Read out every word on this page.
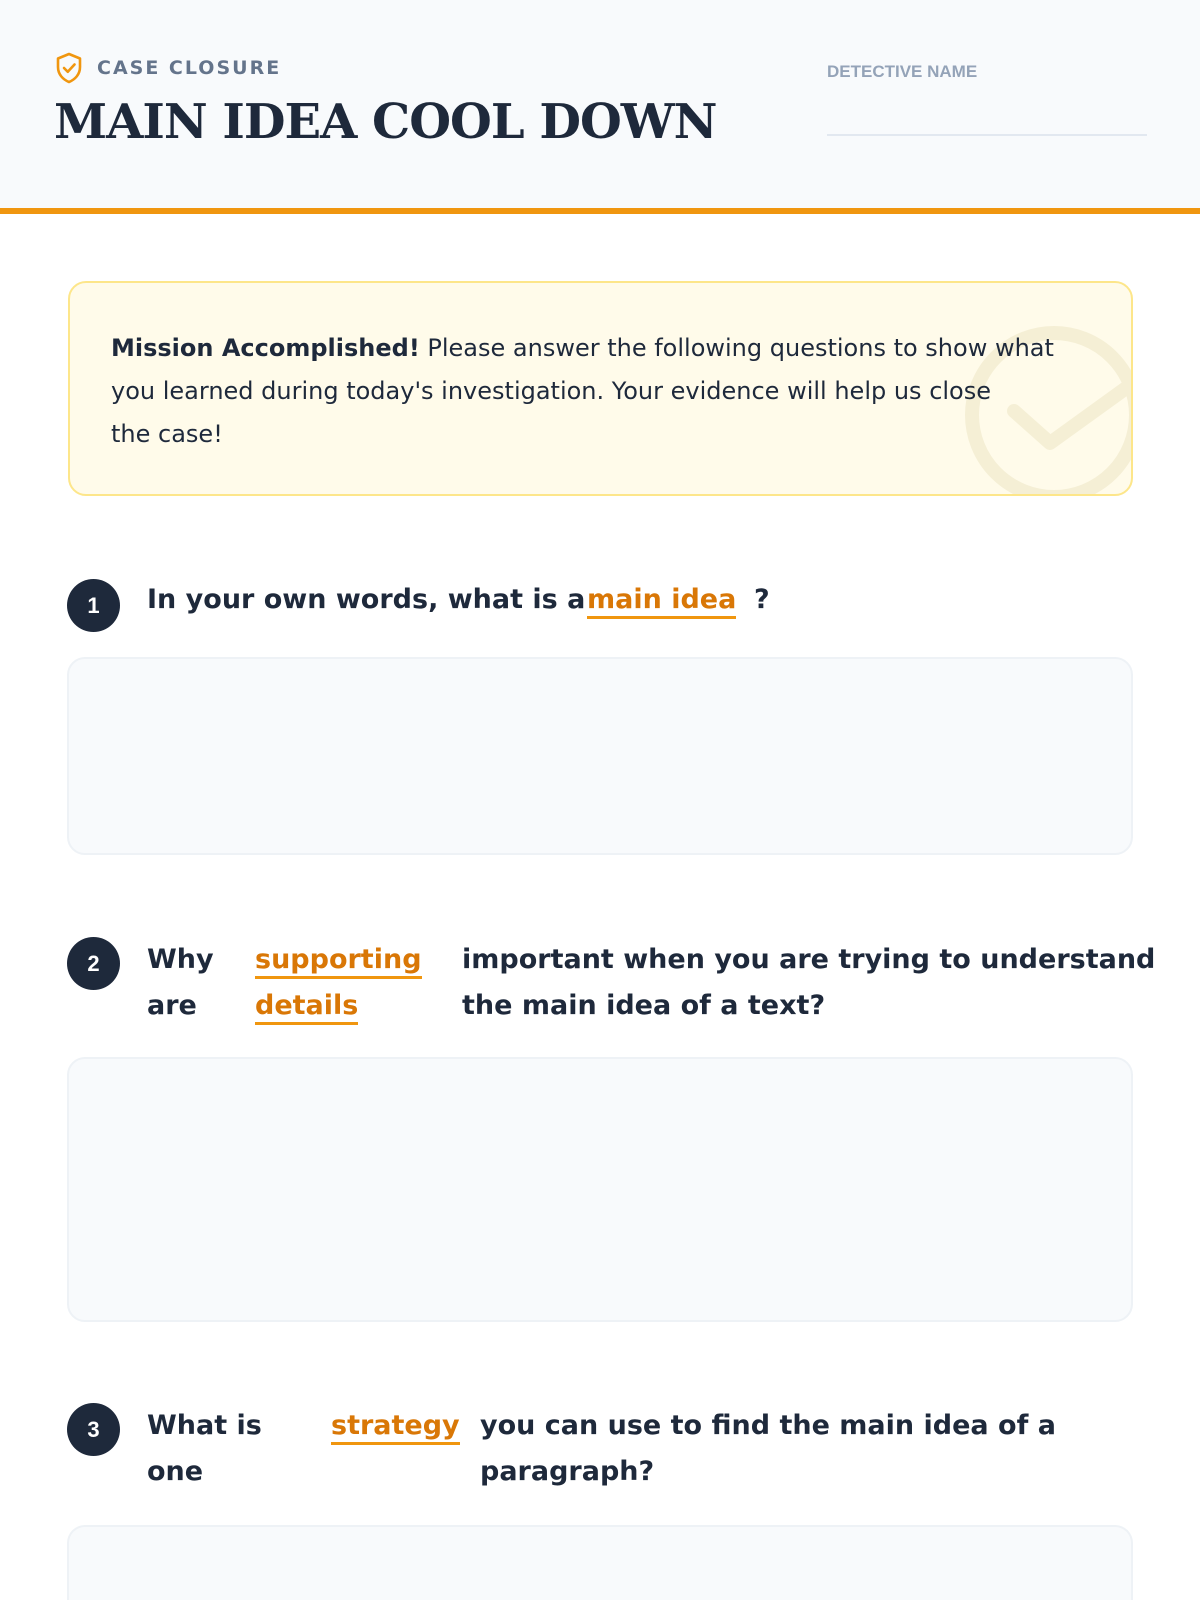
CASE CLOSURE
MAIN IDEA COOL DOWN
DETECTIVE NAME
Mission Accomplished! Please answer the following questions to show what
you learned during today's investigation. Your evidence will help us close
the case!
1	In your own words, what is a main idea ?
2	Why
are
supporting
details
important when you are trying to understand
the main idea of a text?
3	What is
one
strategy you can use to find the main idea of a
paragraph?
